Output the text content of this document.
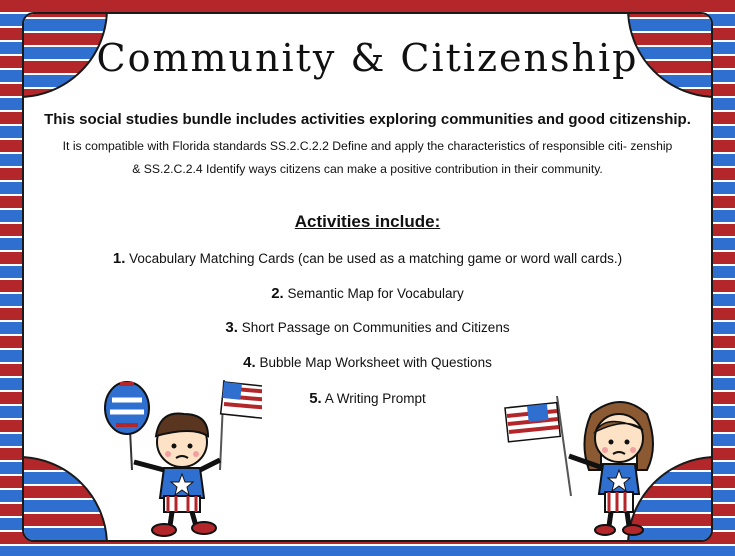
Community & Citizenship
This social studies bundle includes activities exploring communities and good citizenship.
It is compatible with Florida standards SS.2.C.2.2 Define and apply the characteristics of responsible citi- zenship & SS.2.C.2.4 Identify ways citizens can make a positive contribution in their community.
Activities include:
1. Vocabulary Matching Cards (can be used as a matching game or word wall cards.)
2. Semantic Map for Vocabulary
3. Short Passage on Communities and Citizens
4. Bubble Map Worksheet with Questions
5. A Writing Prompt
